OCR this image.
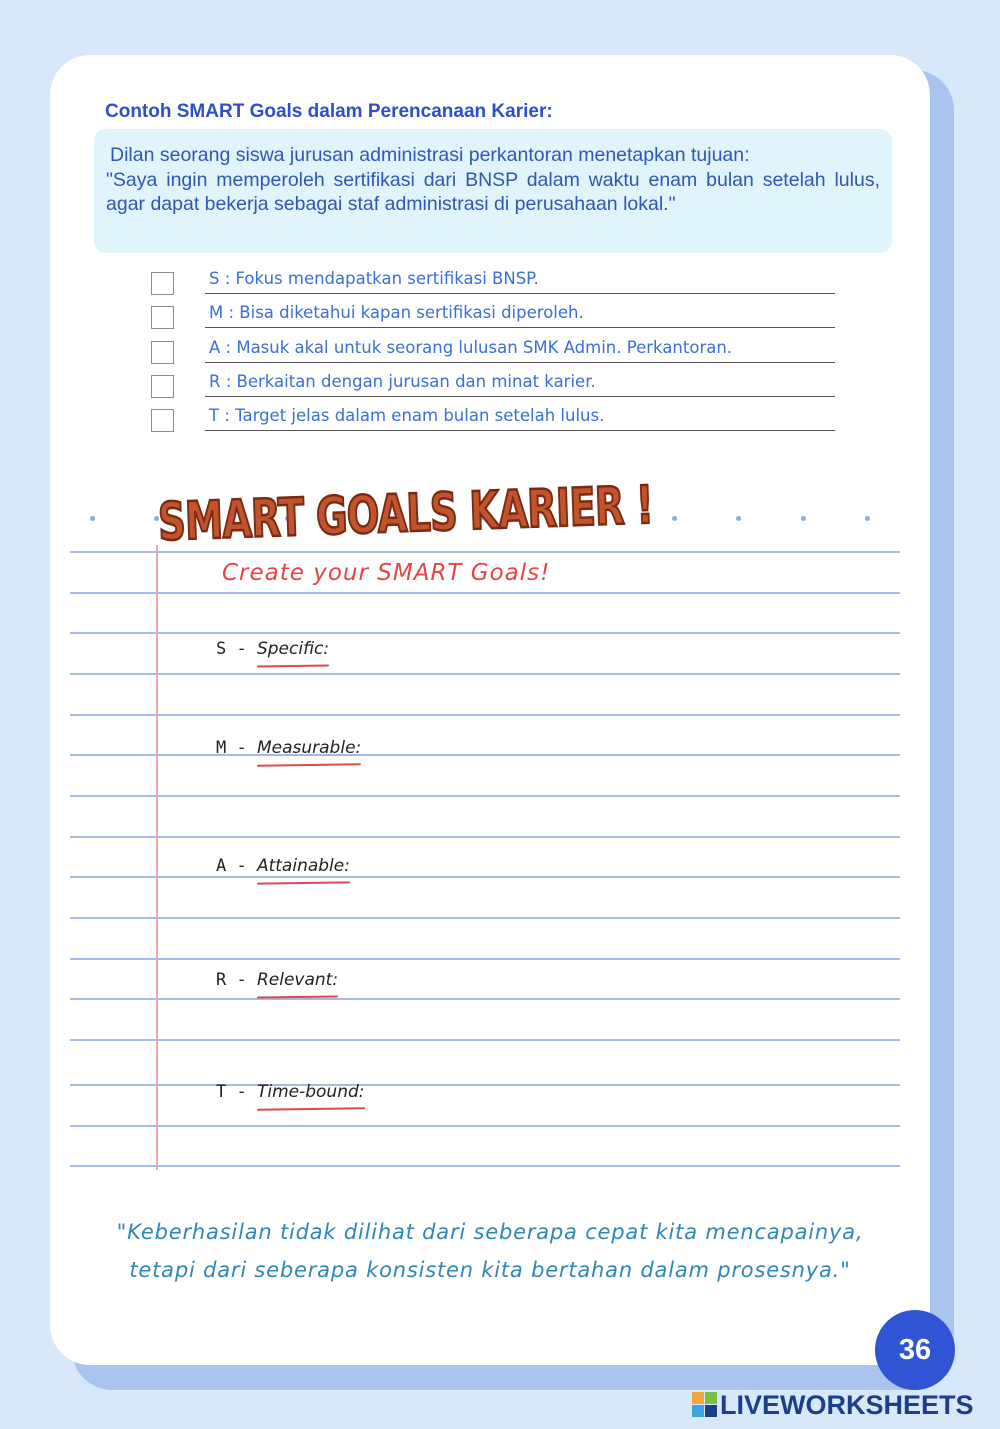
Contoh SMART Goals dalam Perencanaan Karier:

Dilan seorang siswa jurusan administrasi perkantoran menetapkan tujuan:

"Saya ingin memperoleh sertifikasi dari BNSP dalam waktu enam bulan setelah lulus, agar dapat bekerja sebagai staf administrasi di perusahaan lokal."

S : Fokus mendapatkan sertifikasi BNSP.
M : Bisa diketahui kapan sertifikasi diperoleh.
A : Masuk akal untuk seorang lulusan SMK Admin. Perkantoran.
R : Berkaitan dengan jurusan dan minat karier.
T : Target jelas dalam enam bulan setelah lulus.
SMART GOALS KARIER !
Create your SMART Goals!
S - Specific:
M - Measurable:
A - Attainable:
R - Relevant:
T - Time-bound:
"Keberhasilan tidak dilihat dari seberapa cepat kita mencapainya,
tetapi dari seberapa konsisten kita bertahan dalam prosesnya."
36
LIVEWORKSHEETS
